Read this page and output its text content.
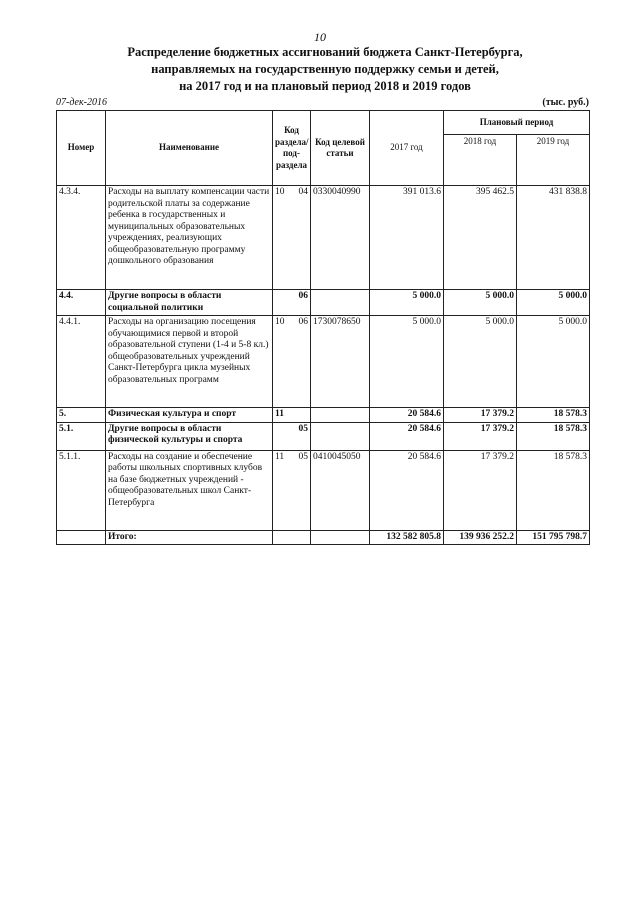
10
Распределение бюджетных ассигнований бюджета Санкт-Петербурга,
направляемых на государственную поддержку семьи и детей,
на 2017 год и на плановый период 2018 и 2019 годов
07-дек-2016	(тыс. руб.)
Номер	Наименование	Код раздела/ под-раздела	Код целевой статьи	2017 год	Плановый период	
					2018 год	2019 год
4.3.4.	Расходы на выплату компенсации части родительской платы за содержание ребенка в государственных и муниципальных образовательных учреждениях, реализующих общеобразовательную программу дошкольного образования	10 04	0330040990	391 013.6	395 462.5	431 838.8
4.4.	Другие вопросы в области социальной политики	06		5 000.0	5 000.0	5 000.0
4.4.1.	Расходы на организацию посещения обучающимися первой и второй образовательной ступени (1-4 и 5-8 кл.) общеобразовательных учреждений Санкт-Петербурга цикла музейных образовательных программ	10 06	1730078650	5 000.0	5 000.0	5 000.0
5.	Физическая культура и спорт	11		20 584.6	17 379.2	18 578.3
5.1.	Другие вопросы в области физической культуры и спорта	05		20 584.6	17 379.2	18 578.3
5.1.1.	Расходы на создание и обеспечение работы школьных спортивных клубов на базе бюджетных учреждений - общеобразовательных школ Санкт-Петербурга	11 05	0410045050	20 584.6	17 379.2	18 578.3
	Итого:			132 582 805.8	139 936 252.2	151 795 798.7
